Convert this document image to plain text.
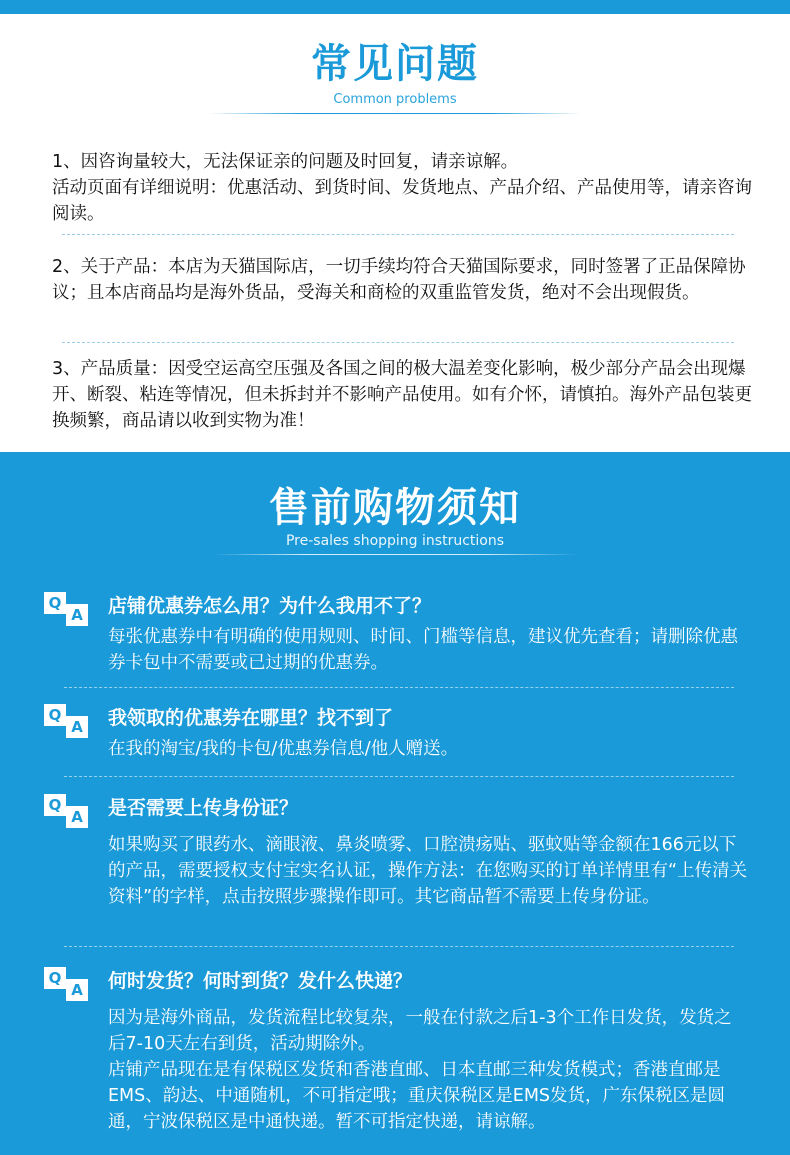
常见问题
Common problems

1、因咨询量较大，无法保证亲的问题及时回复，请亲谅解。
活动页面有详细说明：优惠活动、到货时间、发货地点、产品介绍、产品使用等，请亲咨询阅读。

2、关于产品：本店为天猫国际店，一切手续均符合天猫国际要求，同时签署了正品保障协议；且本店商品均是海外货品，受海关和商检的双重监管发货，绝对不会出现假货。

3、产品质量：因受空运高空压强及各国之间的极大温差变化影响，极少部分产品会出现爆开、断裂、粘连等情况，但未拆封并不影响产品使用。如有介怀，请慎拍。海外产品包装更换频繁，商品请以收到实物为准！

售前购物须知
Pre-sales shopping instructions
Q
A 店铺优惠券怎么用？为什么我用不了？

每张优惠券中有明确的使用规则、时间、门槛等信息，建议优先查看；请删除优惠券卡包中不需要或已过期的优惠券。

Q
A 我领取的优惠券在哪里？找不到了

在我的淘宝/我的卡包/优惠券信息/他人赠送。

Q
A 是否需要上传身份证？

如果购买了眼药水、滴眼液、鼻炎喷雾、口腔溃疡贴、驱蚊贴等金额在166元以下的产品，需要授权支付宝实名认证，操作方法：在您购买的订单详情里有“上传清关资料”的字样，点击按照步骤操作即可。其它商品暂不需要上传身份证。

Q
A 何时发货？何时到货？发什么快递？

因为是海外商品，发货流程比较复杂，一般在付款之后1-3个工作日发货，发货之后7-10天左右到货，活动期除外。
店铺产品现在是有保税区发货和香港直邮、日本直邮三种发货模式；香港直邮是EMS、韵达、中通随机，不可指定哦；重庆保税区是EMS发货，广东保税区是圆通，宁波保税区是中通快递。暂不可指定快递，请谅解。
